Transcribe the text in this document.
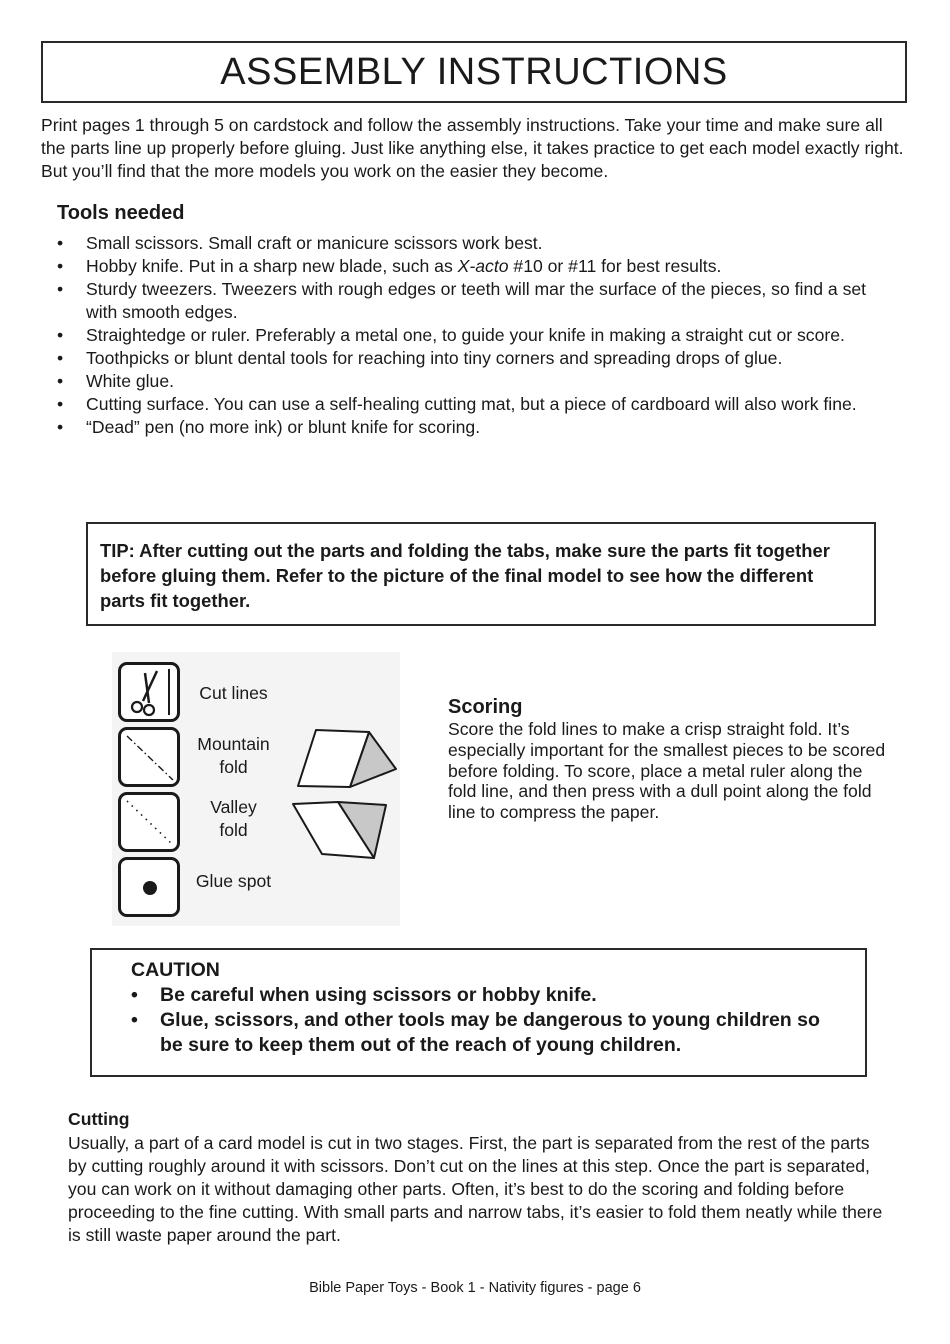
ASSEMBLY INSTRUCTIONS

Print pages 1 through 5 on cardstock and follow the assembly instructions. Take your time and make sure all the parts line up properly before gluing. Just like anything else, it takes practice to get each model exactly right. But you’ll find that the more models you work on the easier they become.

Tools needed
• Small scissors. Small craft or manicure scissors work best.
• Hobby knife. Put in a sharp new blade, such as X-acto #10 or #11 for best results.
• Sturdy tweezers. Tweezers with rough edges or teeth will mar the surface of the pieces, so find a set with smooth edges.
• Straightedge or ruler. Preferably a metal one, to guide your knife in making a straight cut or score.
• Toothpicks or blunt dental tools for reaching into tiny corners and spreading drops of glue.
• White glue.
• Cutting surface. You can use a self-healing cutting mat, but a piece of cardboard will also work fine.
• “Dead” pen (no more ink) or blunt knife for scoring.
TIP: After cutting out the parts and folding the tabs, make sure the parts fit together before gluing them. Refer to the picture of the final model to see how the different parts fit together.
Cut lines
Mountain
fold
Valley
fold
Glue spot
Scoring

Score the fold lines to make a crisp straight fold. It’s especially important for the smallest pieces to be scored before folding. To score, place a metal ruler along the fold line, and then press with a dull point along the fold line to compress the paper.

CAUTION
• Be careful when using scissors or hobby knife.
• Glue, scissors, and other tools may be dangerous to young children so be sure to keep them out of the reach of young children.
Cutting

Usually, a part of a card model is cut in two stages. First, the part is separated from the rest of the parts by cutting roughly around it with scissors. Don’t cut on the lines at this step. Once the part is separated, you can work on it without damaging other parts. Often, it’s best to do the scoring and folding before proceeding to the fine cutting. With small parts and narrow tabs, it’s easier to fold them neatly while there is still waste paper around the part.

Bible Paper Toys - Book 1 - Nativity figures - page 6
